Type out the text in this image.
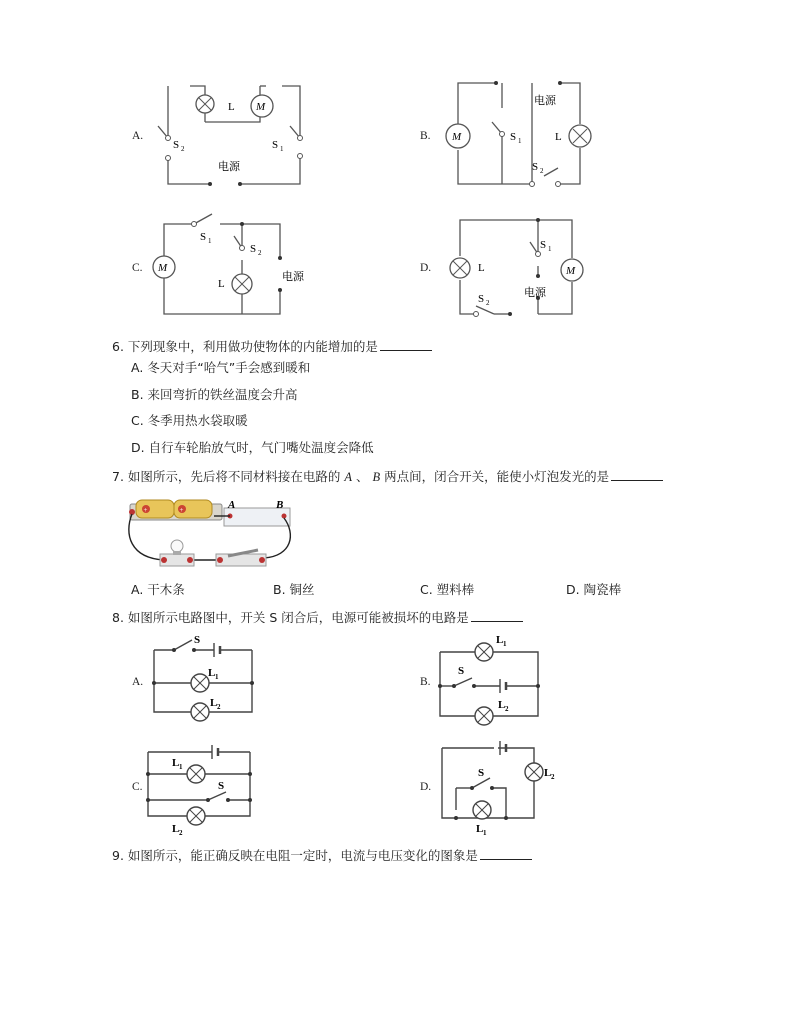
A.
M
L
S 2	S 1
电源
B. M	L
S 1
S 2
电源
C. M
L
S 1
S 2
电源
D.	L	M
S 1
S 2
电源
6. 下列现象中，利用做功使物体的内能增加的是
A. 冬天对手“哈气”手会感到暖和
B. 来回弯折的铁丝温度会升高
C. 冬季用热水袋取暖
D. 自行车轮胎放气时，气门嘴处温度会降低
7. 如图所示，先后将不同材料接在电路的 A 、 B 两点间，闭合开关，能使小灯泡发光的是
+	+	A	B
A. 干木条	B. 铜丝	C. 塑料棒	D. 陶瓷棒
8. 如图所示电路图中，开关 S 闭合后，电源可能被损坏的电路是
A.
S
L 1
L 2
B.
L 1
S
L 2
C.
L 1
S
L 2
D.
S	L 2
L 1
9. 如图所示，能正确反映在电阻一定时，电流与电压变化的图象是
